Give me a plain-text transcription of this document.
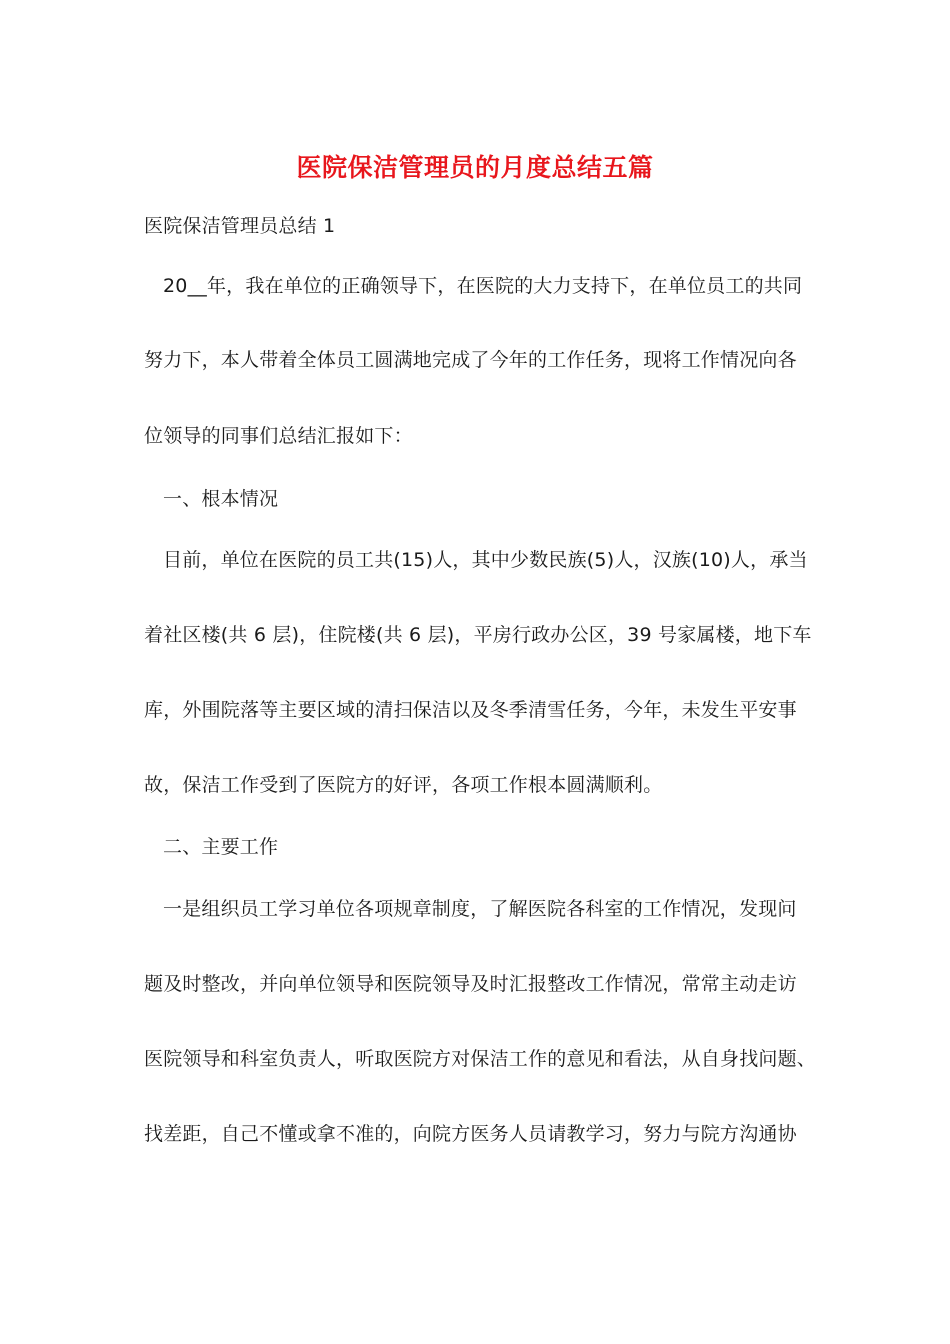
医院保洁管理员的月度总结五篇
医院保洁管理员总结 1
20__年，我在单位的正确领导下，在医院的大力支持下，在单位员工的共同
努力下，本人带着全体员工圆满地完成了今年的工作任务，现将工作情况向各
位领导的同事们总结汇报如下：
一、根本情况
目前，单位在医院的员工共(15)人，其中少数民族(5)人，汉族(10)人，承当
着社区楼(共 6 层)，住院楼(共 6 层)，平房行政办公区，39 号家属楼，地下车
库，外围院落等主要区域的清扫保洁以及冬季清雪任务，今年，未发生平安事
故，保洁工作受到了医院方的好评，各项工作根本圆满顺利。
二、主要工作
一是组织员工学习单位各项规章制度，了解医院各科室的工作情况，发现问
题及时整改，并向单位领导和医院领导及时汇报整改工作情况，常常主动走访
医院领导和科室负责人，听取医院方对保洁工作的意见和看法，从自身找问题、
找差距，自己不懂或拿不准的，向院方医务人员请教学习，努力与院方沟通协
